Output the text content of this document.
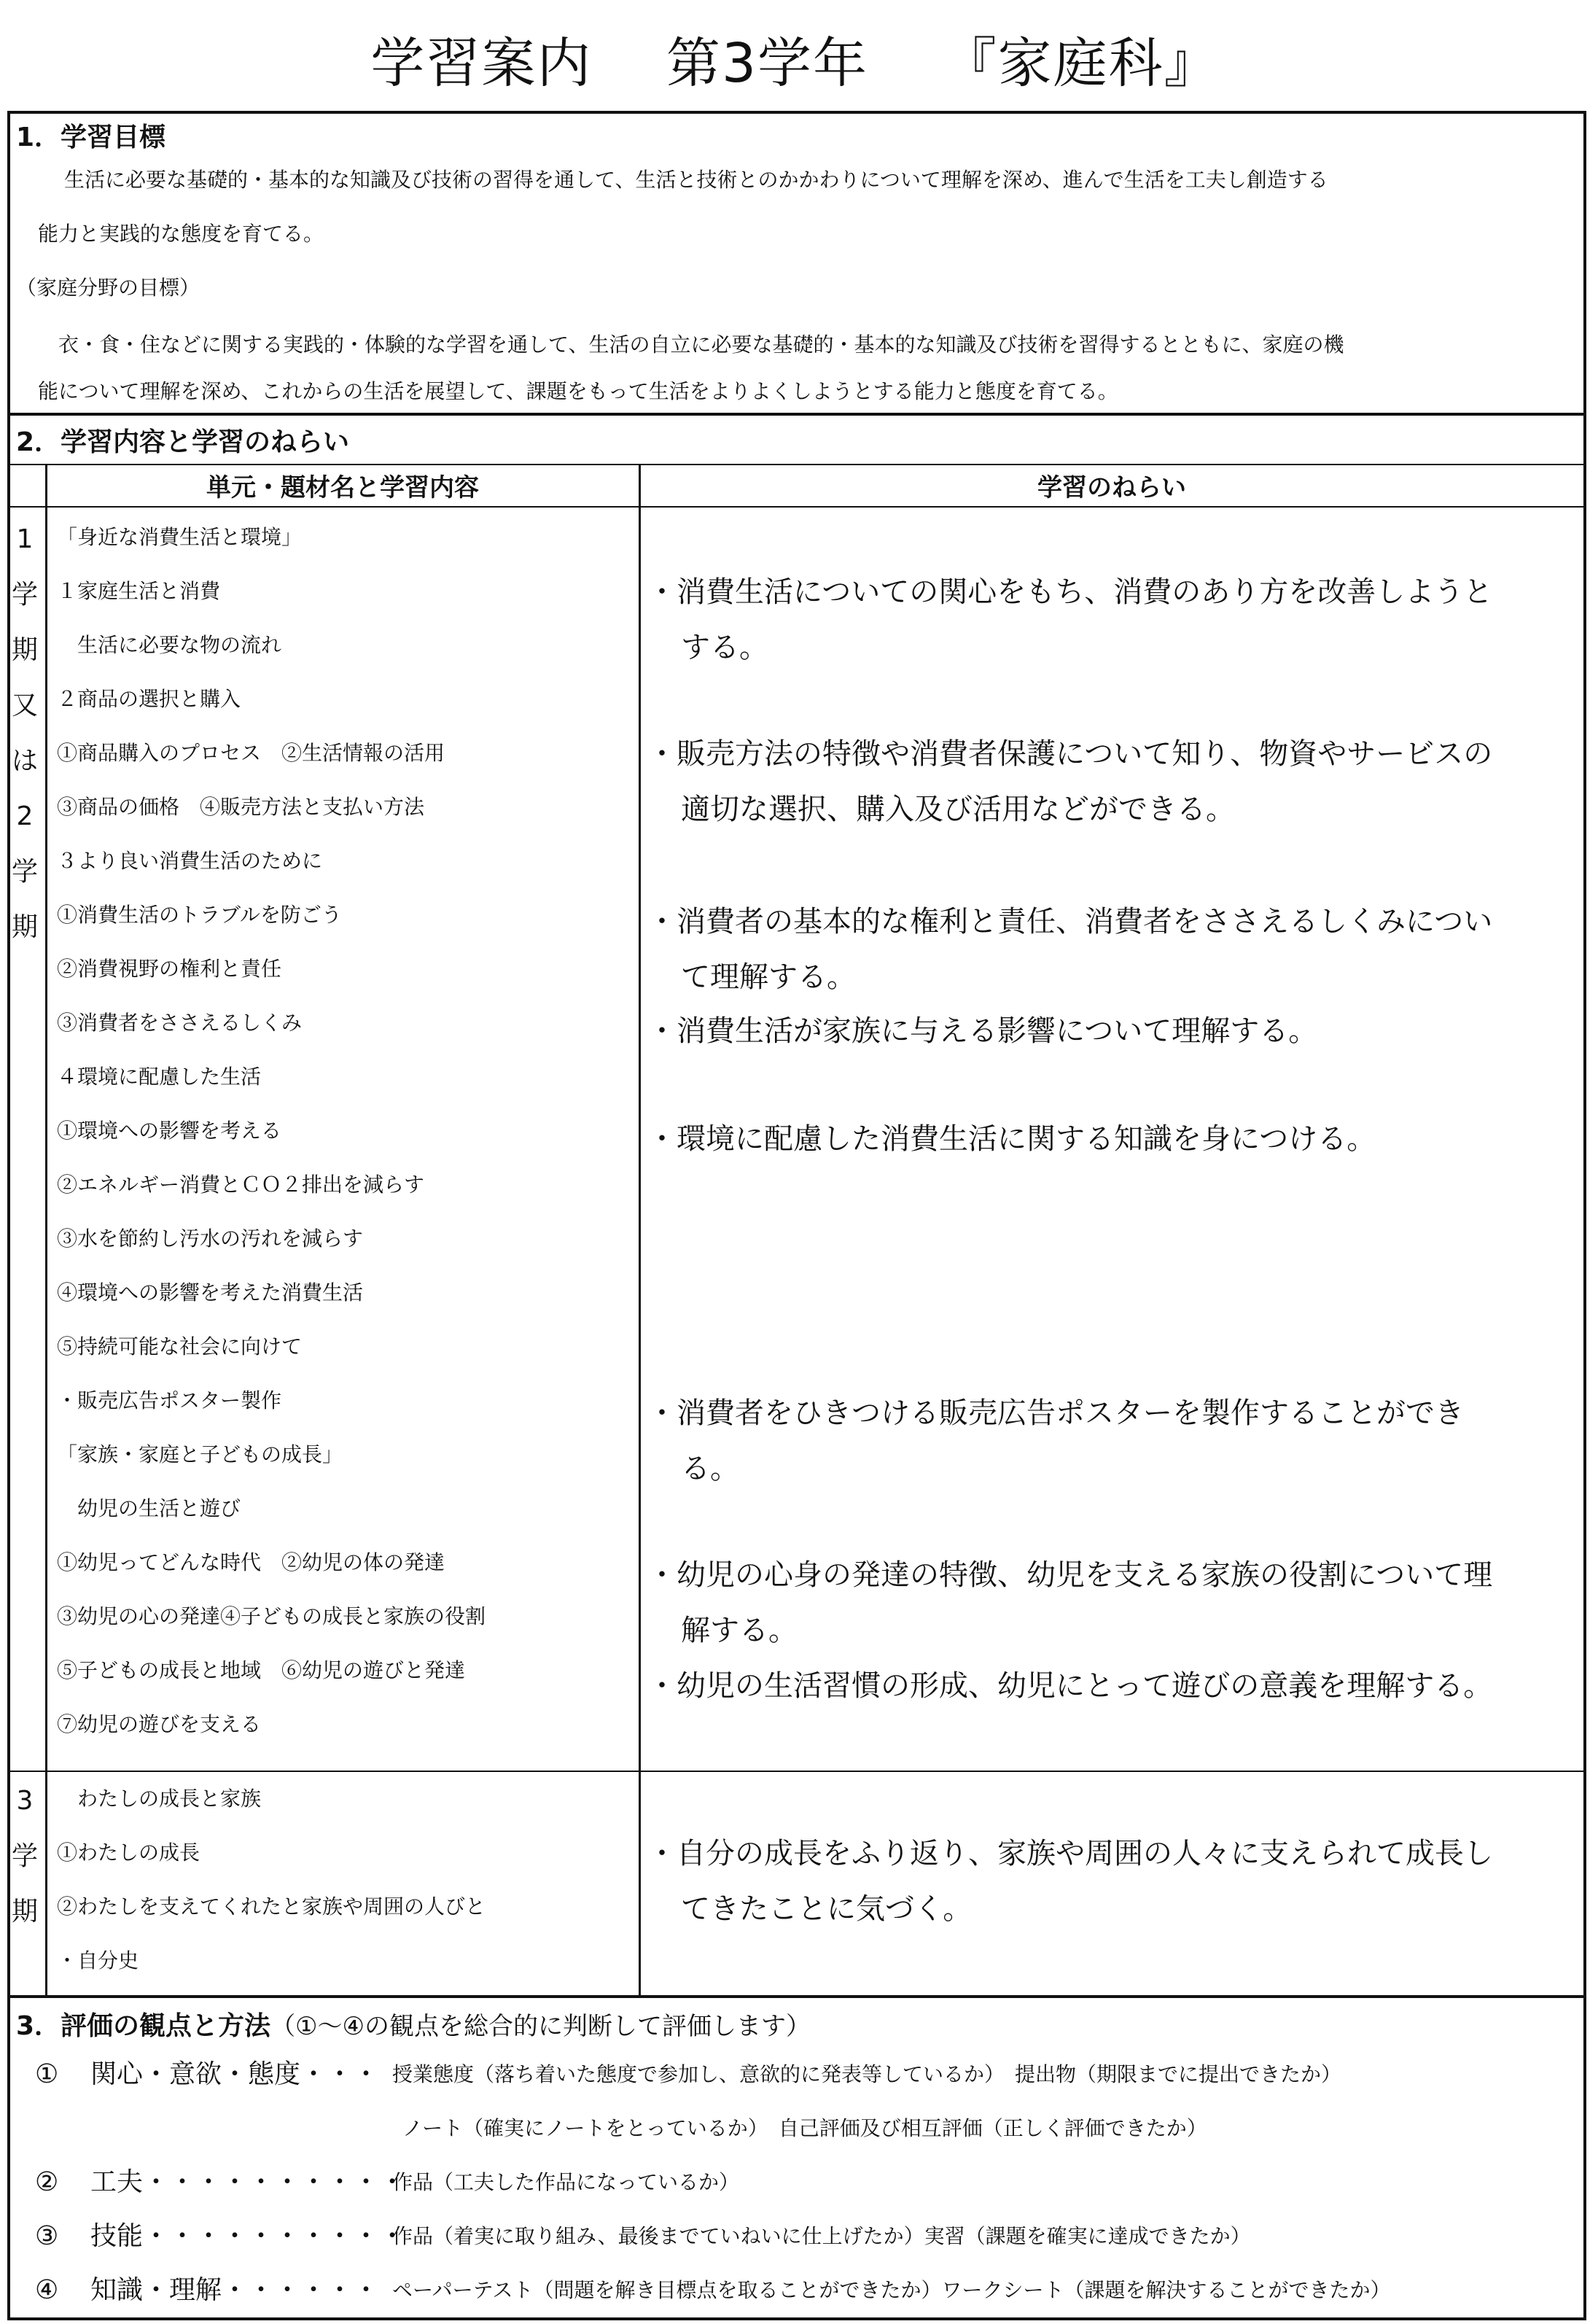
学習案内 第3学年 『家庭科』
1．学習目標
生活に必要な基礎的・基本的な知識及び技術の習得を通して、生活と技術とのかかわりについて理解を深め、進んで生活を工夫し創造する
能力と実践的な態度を育てる。
（家庭分野の目標）
衣・食・住などに関する実践的・体験的な学習を通して、生活の自立に必要な基礎的・基本的な知識及び技術を習得するとともに、家庭の機
能について理解を深め、これからの生活を展望して、課題をもって生活をよりよくしようとする能力と態度を育てる。
2．学習内容と学習のねらい
単元・題材名と学習内容	学習のねらい
1
学
期
又
は
2
学
期
「身近な消費生活と環境」
１家庭生活と消費
　生活に必要な物の流れ
２商品の選択と購入
①商品購入のプロセス　②生活情報の活用
③商品の価格　④販売方法と支払い方法
３より良い消費生活のために
①消費生活のトラブルを防ごう
②消費視野の権利と責任
③消費者をささえるしくみ
４環境に配慮した生活
①環境への影響を考える
②エネルギー消費とＣＯ２排出を減らす
③水を節約し汚水の汚れを減らす
④環境への影響を考えた消費生活
⑤持続可能な社会に向けて
・販売広告ポスター製作
「家族・家庭と子どもの成長」
　幼児の生活と遊び
①幼児ってどんな時代　②幼児の体の発達
③幼児の心の発達④子どもの成長と家族の役割
⑤子どもの成長と地域　⑥幼児の遊びと発達
⑦幼児の遊びを支える
・消費生活についての関心をもち、消費のあり方を改善しようと
する。
・販売方法の特徴や消費者保護について知り、物資やサービスの
適切な選択、購入及び活用などができる。
・消費者の基本的な権利と責任、消費者をささえるしくみについ
て理解する。
・消費生活が家族に与える影響について理解する。
・環境に配慮した消費生活に関する知識を身につける。
・消費者をひきつける販売広告ポスターを製作することができ
る。
・幼児の心身の発達の特徴、幼児を支える家族の役割について理
解する。
・幼児の生活習慣の形成、幼児にとって遊びの意義を理解する。
3
学
期
　わたしの成長と家族
①わたしの成長
②わたしを支えてくれたと家族や周囲の人びと
・自分史
・自分の成長をふり返り、家族や周囲の人々に支えられて成長し
てきたことに気づく。
3．評価の観点と方法（①～④の観点を総合的に判断して評価します）
① 関心・意欲・態度・・・ 授業態度（落ち着いた態度で参加し、意欲的に発表等しているか）　提出物（期限までに提出できたか）
ノート（確実にノートをとっているか）　自己評価及び相互評価（正しく評価できたか）
② 工夫・・・・・・・・・・
作品（工夫した作品になっているか）
③ 技能・・・・・・・・・・
作品（着実に取り組み、最後までていねいに仕上げたか）実習（課題を確実に達成できたか）
④ 知識・理解・・・・・・ ペーパーテスト（問題を解き目標点を取ることができたか）ワークシート（課題を解決することができたか）
